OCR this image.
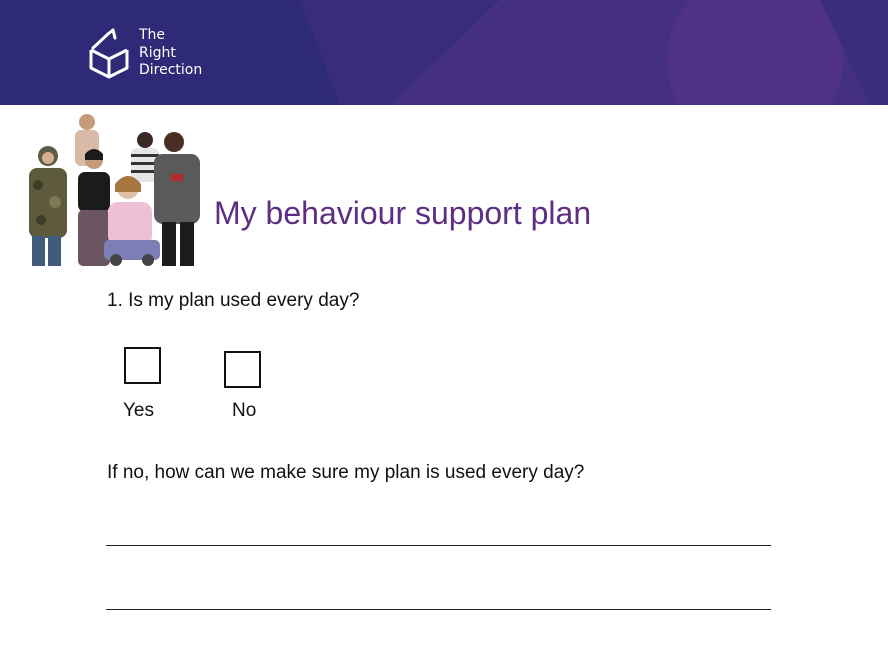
The
Right
Direction
My behaviour support plan
1. Is my plan used every day?
Yes	No
If no, how can we make sure my plan is used every day?
